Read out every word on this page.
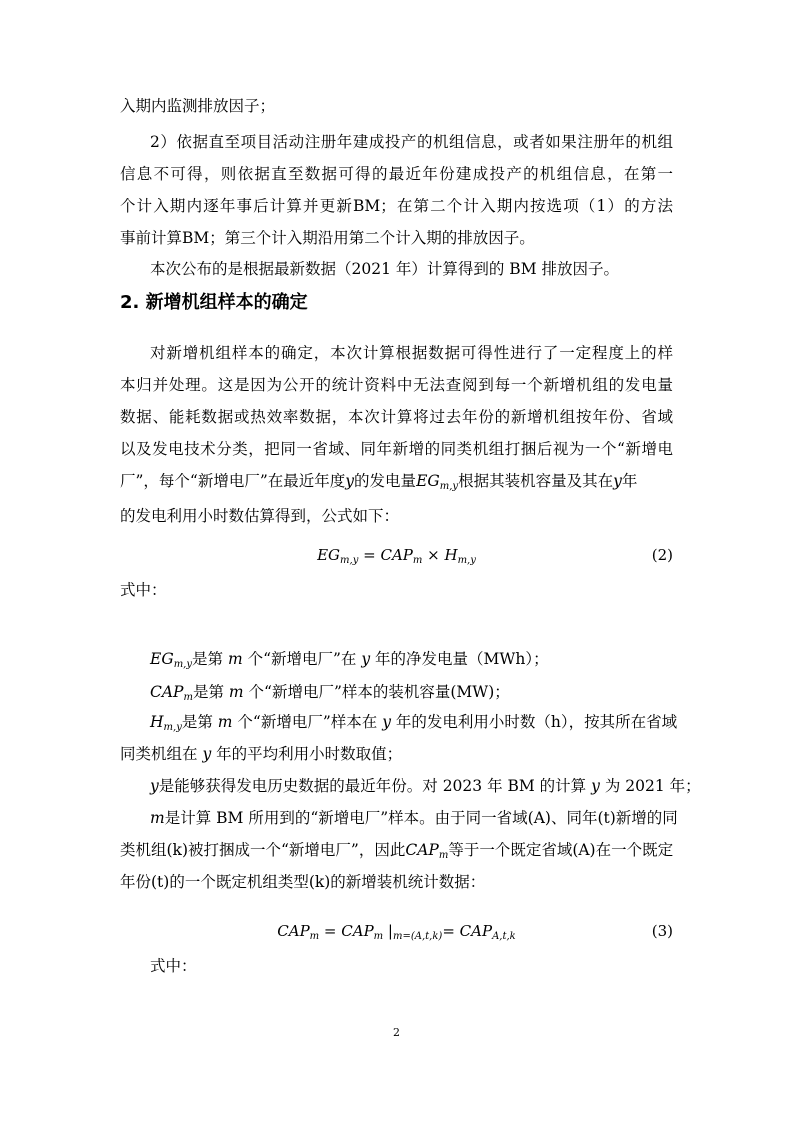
入期内监测排放因子；
2）依据直至项目活动注册年建成投产的机组信息，或者如果注册年的机组
信息不可得，则依据直至数据可得的最近年份建成投产的机组信息，在第一
个计入期内逐年事后计算并更新BM；在第二个计入期内按选项（1）的方法
事前计算BM；第三个计入期沿用第二个计入期的排放因子。
本次公布的是根据最新数据（2021 年）计算得到的 BM 排放因子。
2. 新增机组样本的确定
对新增机组样本的确定，本次计算根据数据可得性进行了一定程度上的样
本归并处理。这是因为公开的统计资料中无法查阅到每一个新增机组的发电量
数据、能耗数据或热效率数据，本次计算将过去年份的新增机组按年份、省域
以及发电技术分类，把同一省域、同年新增的同类机组打捆后视为一个“新增电
厂”，每个“新增电厂”在最近年度y的发电量$EG_{m,y}$根据其装机容量及其在y年
的发电利用小时数估算得到，公式如下：
$EG_{m,y} = CAP_m \times H_{m,y}$	(2)
式中：
$EG_{m,y}$是第 m 个“新增电厂”在 y 年的净发电量（MWh）；
$CAP_m$是第 m 个“新增电厂”样本的装机容量(MW)；
$H_{m,y}$是第 m 个“新增电厂”样本在 y 年的发电利用小时数（h），按其所在省域
同类机组在 y 年的平均利用小时数取值；
y是能够获得发电历史数据的最近年份。对 2023 年 BM 的计算 y 为 2021 年；
m是计算 BM 所用到的“新增电厂”样本。由于同一省域(A)、同年(t)新增的同
类机组(k)被打捆成一个“新增电厂”，因此$CAP_m$等于一个既定省域(A)在一个既定
年份(t)的一个既定机组类型(k)的新增装机统计数据：
$CAP_m = CAP_m$ $|_{m=(A,t,k)}= CAP_{A,t,k}$	(3)
式中：
2
